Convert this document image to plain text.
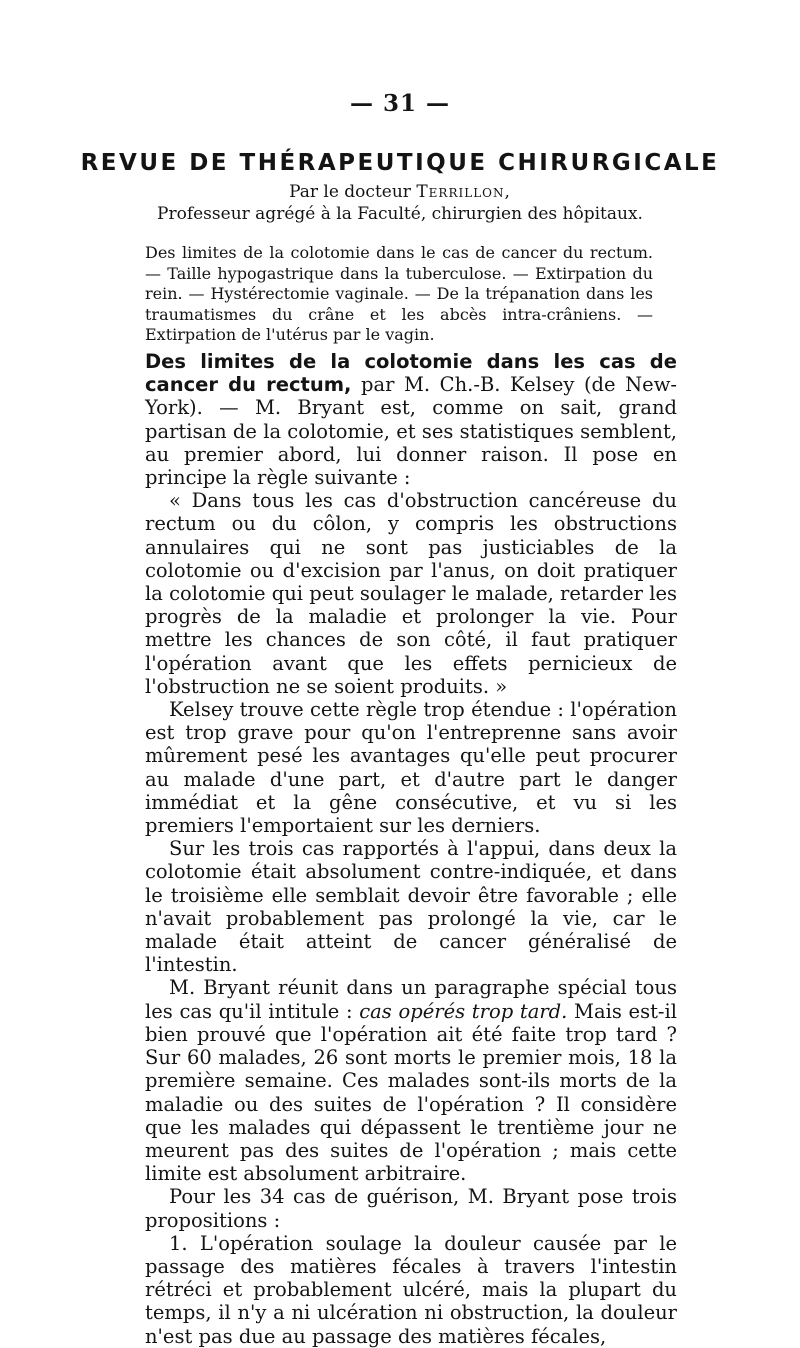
— 31 —
REVUE DE THÉRAPEUTIQUE CHIRURGICALE
Par le docteur Terrillon,
Professeur agrégé à la Faculté, chirurgien des hôpitaux.
Des limites de la colotomie dans le cas de cancer du rectum. — Taille hypogastrique dans la tuberculose. — Extirpation du rein. — Hystérectomie vaginale. — De la trépanation dans les traumatismes du crâne et les abcès intra-crâniens. — Extirpation de l'utérus par le vagin.

Des limites de la colotomie dans les cas de cancer du rectum, par M. Ch.-B. Kelsey (de New-York). — M. Bryant est, comme on sait, grand partisan de la colotomie, et ses statistiques semblent, au premier abord, lui donner raison. Il pose en principe la règle suivante :

« Dans tous les cas d'obstruction cancéreuse du rectum ou du côlon, y compris les obstructions annulaires qui ne sont pas justiciables de la colotomie ou d'excision par l'anus, on doit pratiquer la colotomie qui peut soulager le malade, retarder les progrès de la maladie et prolonger la vie. Pour mettre les chances de son côté, il faut pratiquer l'opération avant que les effets pernicieux de l'obstruction ne se soient produits. »

Kelsey trouve cette règle trop étendue : l'opération est trop grave pour qu'on l'entreprenne sans avoir mûrement pesé les avantages qu'elle peut procurer au malade d'une part, et d'autre part le danger immédiat et la gêne consécutive, et vu si les premiers l'emportaient sur les derniers.

Sur les trois cas rapportés à l'appui, dans deux la colotomie était absolument contre-indiquée, et dans le troisième elle semblait devoir être favorable ; elle n'avait probablement pas prolongé la vie, car le malade était atteint de cancer généralisé de l'intestin.

M. Bryant réunit dans un paragraphe spécial tous les cas qu'il intitule : cas opérés trop tard. Mais est-il bien prouvé que l'opération ait été faite trop tard ? Sur 60 malades, 26 sont morts le premier mois, 18 la première semaine. Ces malades sont-ils morts de la maladie ou des suites de l'opération ? Il considère que les malades qui dépassent le trentième jour ne meurent pas des suites de l'opération ; mais cette limite est absolument arbitraire.

Pour les 34 cas de guérison, M. Bryant pose trois propositions :

1. L'opération soulage la douleur causée par le passage des matières fécales à travers l'intestin rétréci et probablement ulcéré, mais la plupart du temps, il n'y a ni ulcération ni obstruction, la douleur n'est pas due au passage des matières fécales,
